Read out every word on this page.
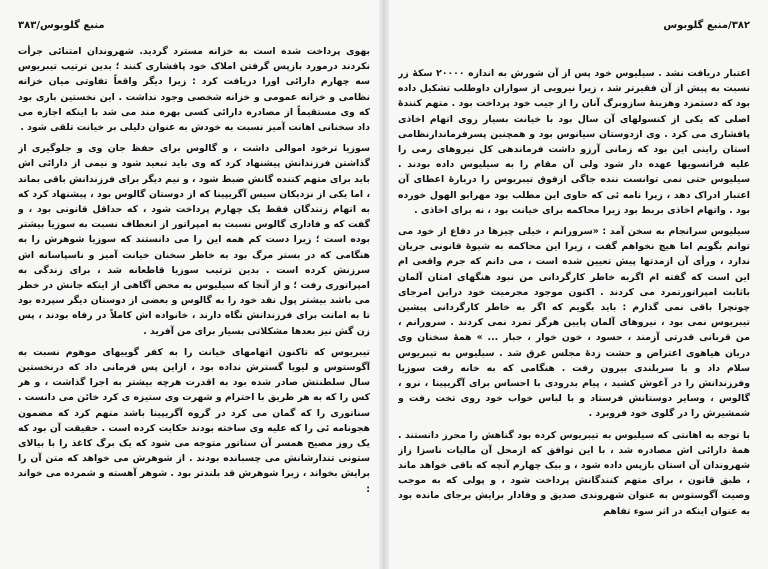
منبع گلوبوس/۳۸۳

بهوی پرداخت شده است به خزانه مسترد گردید. شهروندان امتنائی جرأت نکردند درمورد بازپس گرفتن املاک خود پافشاری کنند ؛ بدین ترتیب تیبریوس سه چهارم دارائی اورا دریافت کرد : زیرا دیگر واقعاً تفاوتی میان خزانه نظامی و خزانه عمومی و خزانه شخصی وجود نداشت . این نخستین باری بود که وی مستقیماً از مصادره دارائی کسی بهره مند می شد با اینکه اجازه می داد سخنانی اهانت آمیز نسبت به خودش به عنوان دلیلی بر خیانت تلقی شود .

سوزیا ترخود اموالی داشت ، و گالوس برای حفظ جان وی و جلوگیری از گذاشتن فرزندانش پیشنهاد کرد که وی باید تبعید شود و نیمی از دارائی اش باید برای متهم کننده گانش ضبط شود ، و نیم دیگر برای فرزندانش باقی بماند ، اما یکی از نزدیکان سیس آگریپینا که از دوستان گالوس بود ، پیشنهاد کرد که به اتهام زنندگان فقط یک چهارم پرداخت شود ، که حداقل قانونی بود ، و گفت که و فاداری گالوس نسبت به امپراتور از انعطاف نسبت به سوزیا بیشتر بوده است ؛ زیرا دست کم همه این را می دانستند که سوزیا شوهرش را به هنگامی که در بستر مرگ بود به خاطر سخنان خیانت آمیز و ناسپاسانه اش سرزنش کرده است . بدین ترتیب سوزیا قاطعانه شد ، برای زندگی به امپراتوری رفت ؛ و از آنجا که سیلیوس به محض آگاهی از اینکه جانش در خطر می باشد بیشتر پول نقد خود را به گالوس و بعضی از دوستان دیگر سپرده بود تا به امانت برای فرزندانش نگاه دارند ، خانواده اش کاملاً در رفاه بودند ، پس زن گش نیز بعدها مشکلاتی بسیار برای من آفرید .

تیبریوس که تاکنون اتهامهای خیانت را به کفر گوییهای موهوم نسبت به آگوستوس و لیویا گسترش نداده بود ، ازاین پس فرمانی داد که درنخستین سال سلطنتش صادر شده بود به اقدرت هرچه بیشتر به اجرا گذاشت ، و هر کس را که به هر طریق با احترام و شهرت وی ستیزه ی کرد خائن می دانست . سناتوری را که گمان می کرد در گروه آگریپینا باشد متهم کرد که مضمون هجونامه ئی را که علیه وی ساخته بودند حکایت کرده است . حقیقت آن بود که یک روز مصیح همسر آن سناتور متوجه می شود که یک برگ کاغذ را با بیالای ستونی تندارشانش می چسبانده بودند . از شوهرش می خواهد که متن آن را برایش بخواند ، زیرا شوهرش قد بلندتر بود . شوهر آهسته و شمرده می خواند :

۳۸۲/منبع گلوبوس

اعتبار دریافت نشد . سیلیوس خود پس از آن شورش به اندازه ۲۰۰۰۰ سکهٔ زر نسبت به پیش از آن فقیرتر شد ، زیرا نیرویی از سواران داوطلب تشکیل داده بود که دستمزد وهزینهٔ سازوبرگ آنان را از جیب خود پرداخت بود . متهم کنندهٔ اصلی که یکی از کنسولهای آن سال بود با خیانت بسیار روی اتهام اخاذی پافشاری می کرد . وی ازدوستان سیانوس بود و همچنین پسرفرماندارنظامی استان راینی این بود که زمانی آرزو داشت فرماندهی کل نیروهای رمی را علیه فرانسویها عهده دار شود ولی آن مقام را به سیلیوس داده بودند . سیلیوس حتی نمی توانست ننده جاگی ازفوق تیبریوس را دربارهٔ اعطای آن اعتبار ادراک دهد ، زیرا نامه ئی که حاوی این مطلب بود مهرابو الهول خورده بود . واتهام اخاذی بربط بود زیرا محاکمه برای خیانت بود ، نه برای اخاذی .

سیلیوس سرانجام به سخن آمد : «سرورانم ، خیلی چیزها در دفاع از خود می توانم بگویم اما هیچ نخواهم گفت ، زیرا این محاکمه به شیوهٔ قانونی جریان ندارد ، ورأی آن ازمدتها پیش تعیین شده است ، می دانم که جرم واقعی ام این است که گفته ام اگربه خاطر کارگردانی من نبود هنگهای امتان آلمان باثابت امپراتورتمرد می کردند . اکنون موجود مجرمیت خود دراین امرجای چونچرا باقی نمی گذارم : باید بگویم که اگر به خاطر کارگردانی پیشین تیبریوس نمی بود ، نیروهای آلمان پایین هرگز تمرد نمی کردند . سرورانم ، من قربانی قدرتی آزمند ، حسود ، خون خوار ، جبار ... » همهٔ سخنان وی دریان هیاهوی اعتراض و حشت زدهٔ مجلس غرق شد . سیلیوس به تیبریوس سلام داد و با سربلندی بیرون رفت . هنگامی که به خانه رفت سوزیا وفرزندانش را در آغوش کشید ، پیام بدرودی با احساس برای آگریپینا ، نرو ، گالوس ، وسایر دوستانش فرستاد و با لباس خواب خود روی تخت رفت و شمشیرش را در گلوی خود فروبرد .

با توجه به اهانتی که سیلیوس به تیبریوس کرده بود گناهش را محرز دانستند . همهٔ دارائی اش مصادره شد ، با این توافق که ازمحل آن مالیات ناسزا زاز شهروندان آن استان بازپس داده شود ، و بیک چهارم آنچه که باقی خواهد ماند ، طبق قانون ، برای متهم کنندگانش پرداخت شود ، و پولی که به موجب وصیت آگوستوس به عنوان شهروندی صدیق و وفادار برایش برجای مانده بود به عنوان اینکه در اثر سوء تفاهم
